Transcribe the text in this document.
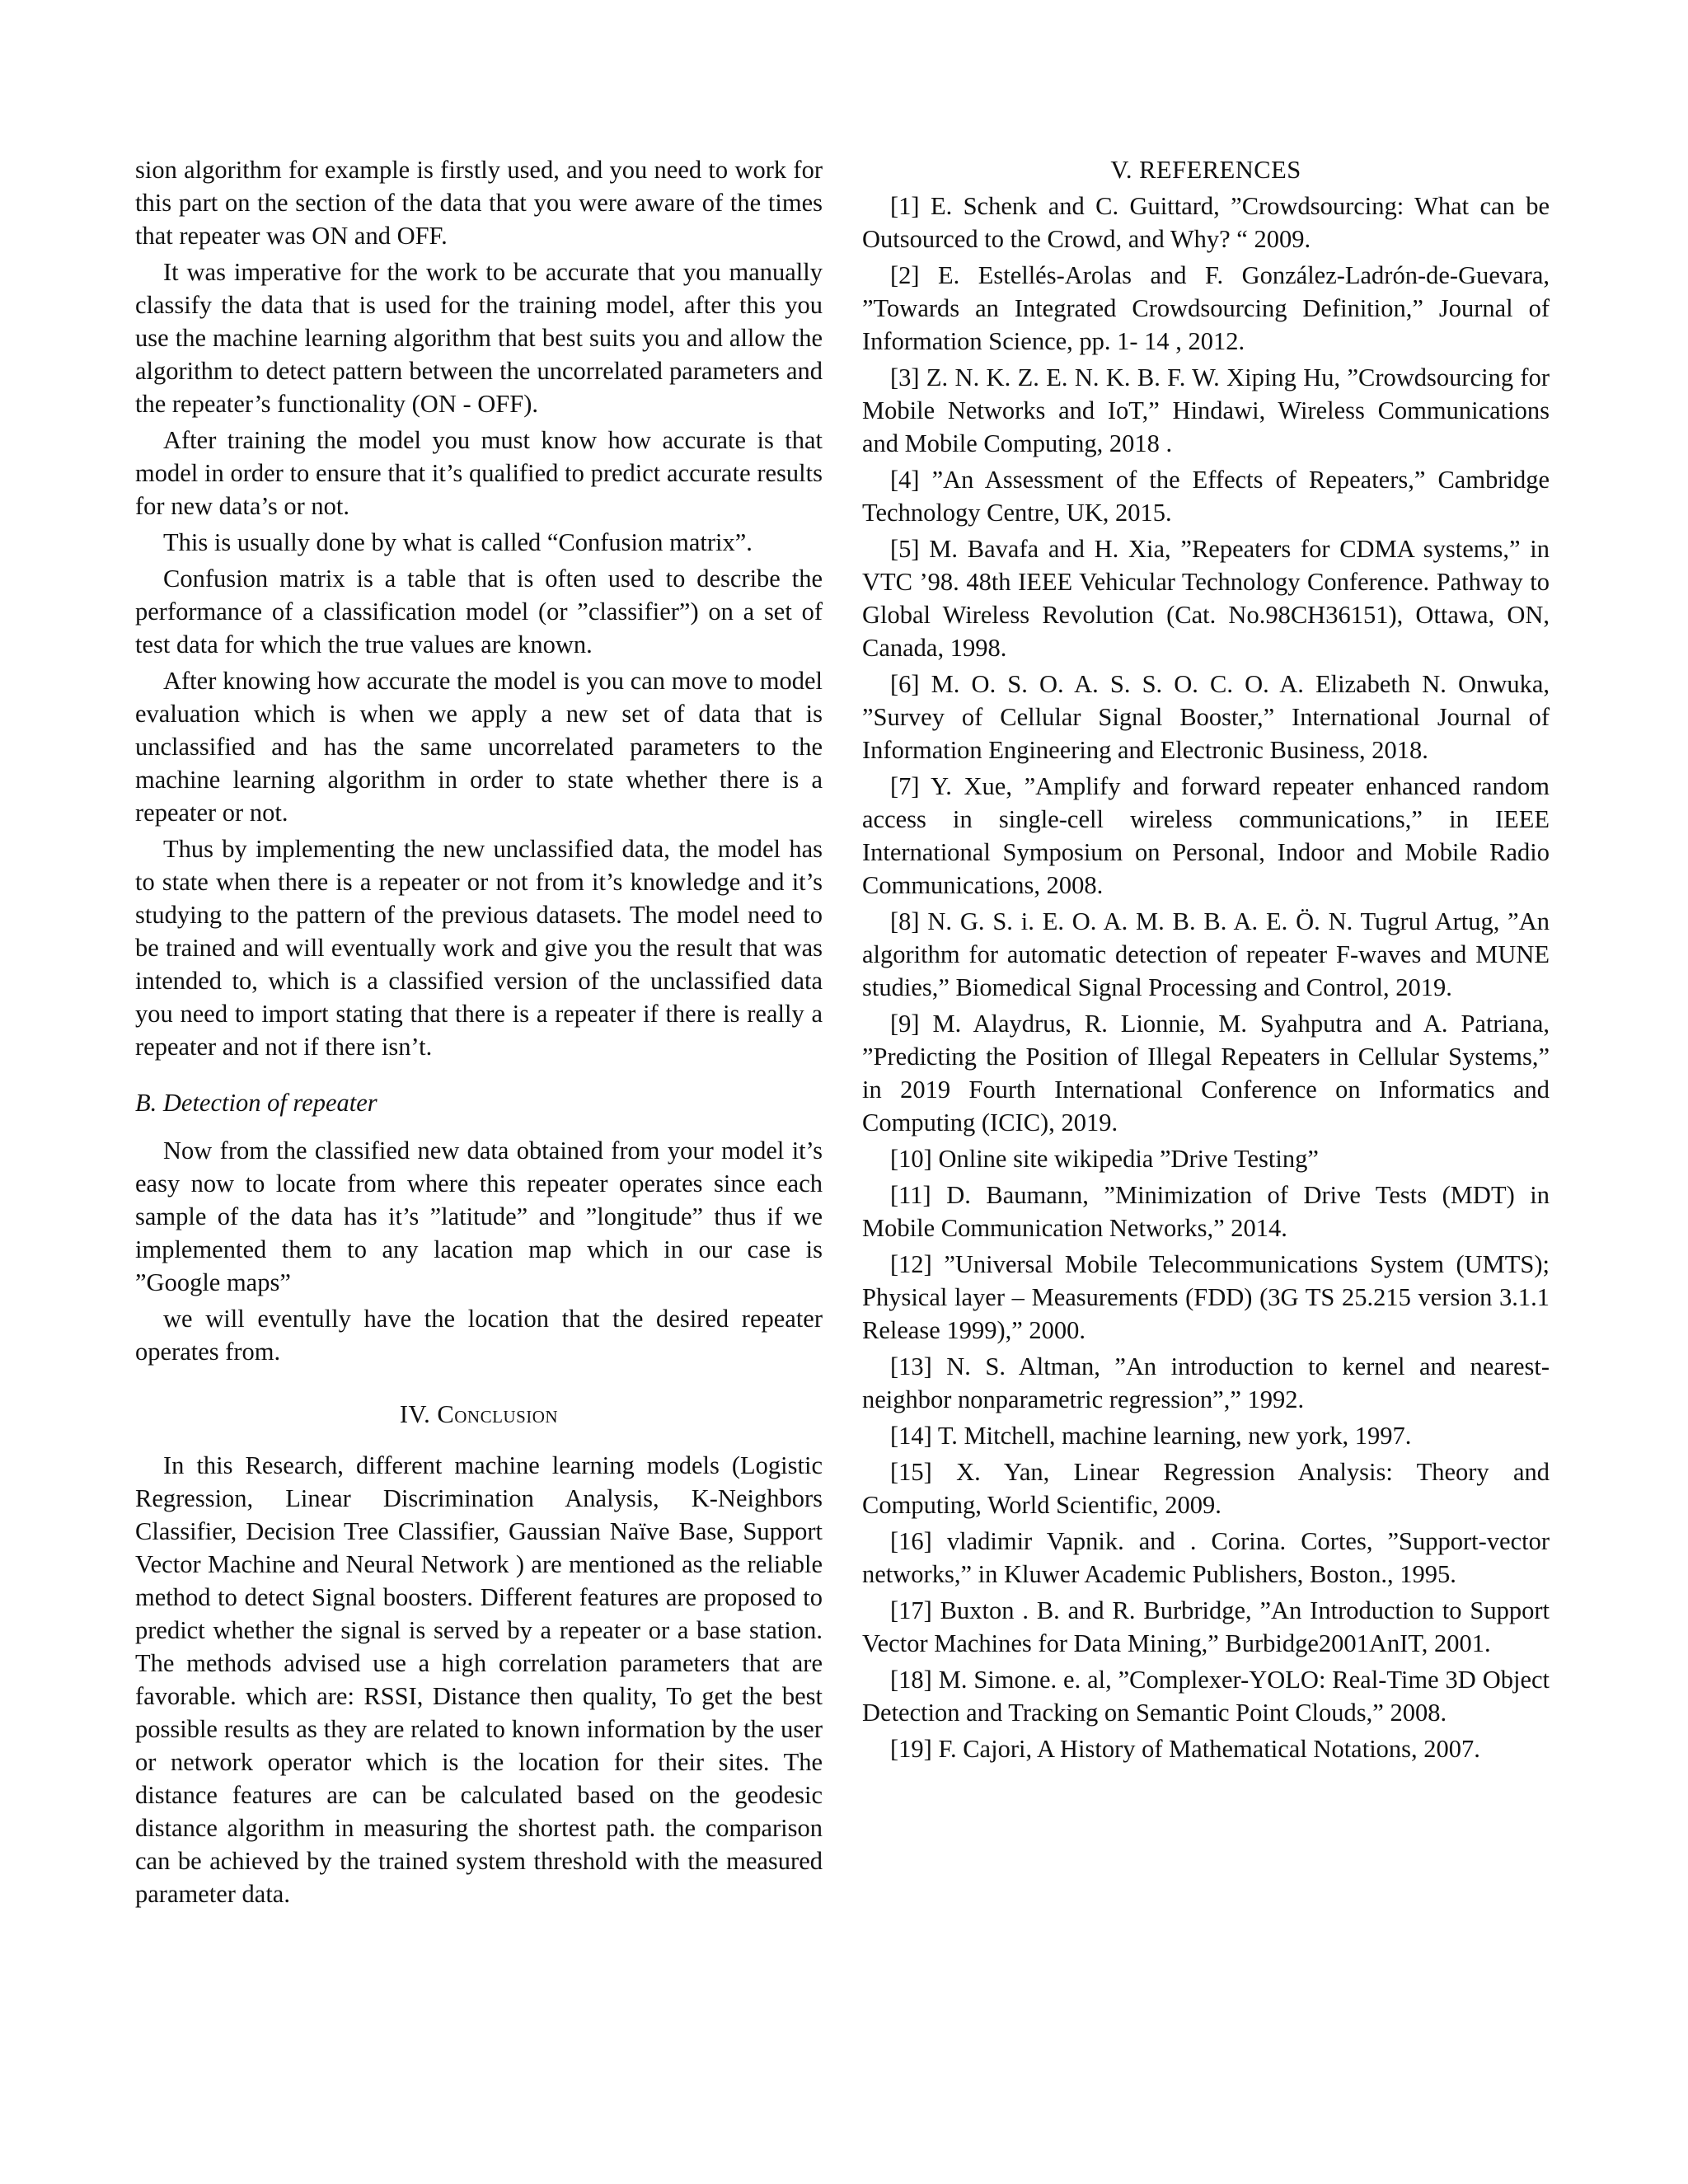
sion algorithm for example is firstly used, and you need to work for this part on the section of the data that you were aware of the times that repeater was ON and OFF.

It was imperative for the work to be accurate that you manually classify the data that is used for the training model, after this you use the machine learning algorithm that best suits you and allow the algorithm to detect pattern between the uncorrelated parameters and the repeater’s functionality (ON - OFF).

After training the model you must know how accurate is that model in order to ensure that it’s qualified to predict accurate results for new data’s or not.

This is usually done by what is called “Confusion matrix”.

Confusion matrix is a table that is often used to describe the performance of a classification model (or ”classifier”) on a set of test data for which the true values are known.

After knowing how accurate the model is you can move to model evaluation which is when we apply a new set of data that is unclassified and has the same uncorrelated parameters to the machine learning algorithm in order to state whether there is a repeater or not.

Thus by implementing the new unclassified data, the model has to state when there is a repeater or not from it’s knowledge and it’s studying to the pattern of the previous datasets. The model need to be trained and will eventually work and give you the result that was intended to, which is a classified version of the unclassified data you need to import stating that there is a repeater if there is really a repeater and not if there isn’t.

B. Detection of repeater

Now from the classified new data obtained from your model it’s easy now to locate from where this repeater operates since each sample of the data has it’s ”latitude” and ”longitude” thus if we implemented them to any lacation map which in our case is ”Google maps”

we will eventully have the location that the desired repeater operates from.

IV. Conclusion

In this Research, different machine learning models (Logistic Regression, Linear Discrimination Analysis, K-Neighbors Classifier, Decision Tree Classifier, Gaussian Naïve Base, Support Vector Machine and Neural Network ) are mentioned as the reliable method to detect Signal boosters. Different features are proposed to predict whether the signal is served by a repeater or a base station. The methods advised use a high correlation parameters that are favorable. which are: RSSI, Distance then quality, To get the best possible results as they are related to known information by the user or network operator which is the location for their sites. The distance features are can be calculated based on the geodesic distance algorithm in measuring the shortest path. the comparison can be achieved by the trained system threshold with the measured parameter data.

V. REFERENCES

[1] E. Schenk and C. Guittard, ”Crowdsourcing: What can be Outsourced to the Crowd, and Why? “ 2009.

[2] E. Estellés-Arolas and F. González-Ladrón-de-Guevara, ”Towards an Integrated Crowdsourcing Definition,” Journal of Information Science, pp. 1- 14 , 2012.

[3] Z. N. K. Z. E. N. K. B. F. W. Xiping Hu, ”Crowdsourcing for Mobile Networks and IoT,” Hindawi, Wireless Communications and Mobile Computing, 2018 .

[4] ”An Assessment of the Effects of Repeaters,” Cambridge Technology Centre, UK, 2015.

[5] M. Bavafa and H. Xia, ”Repeaters for CDMA systems,” in VTC ’98. 48th IEEE Vehicular Technology Conference. Pathway to Global Wireless Revolution (Cat. No.98CH36151), Ottawa, ON, Canada, 1998.

[6] M. O. S. O. A. S. S. O. C. O. A. Elizabeth N. Onwuka, ”Survey of Cellular Signal Booster,” International Journal of Information Engineering and Electronic Business, 2018.

[7] Y. Xue, ”Amplify and forward repeater enhanced random access in single-cell wireless communications,” in IEEE International Symposium on Personal, Indoor and Mobile Radio Communications, 2008.

[8] N. G. S. i. E. O. A. M. B. B. A. E. Ö. N. Tugrul Artug, ”An algorithm for automatic detection of repeater F-waves and MUNE studies,” Biomedical Signal Processing and Control, 2019.

[9] M. Alaydrus, R. Lionnie, M. Syahputra and A. Patriana, ”Predicting the Position of Illegal Repeaters in Cellular Systems,” in 2019 Fourth International Conference on Informatics and Computing (ICIC), 2019.

[10] Online site wikipedia ”Drive Testing”

[11] D. Baumann, ”Minimization of Drive Tests (MDT) in Mobile Communication Networks,” 2014.

[12] ”Universal Mobile Telecommunications System (UMTS); Physical layer – Measurements (FDD) (3G TS 25.215 version 3.1.1 Release 1999),” 2000.

[13] N. S. Altman, ”An introduction to kernel and nearest-neighbor nonparametric regression”,” 1992.

[14] T. Mitchell, machine learning, new york, 1997.

[15] X. Yan, Linear Regression Analysis: Theory and Computing, World Scientific, 2009.

[16] vladimir Vapnik. and . Corina. Cortes, ”Support-vector networks,” in Kluwer Academic Publishers, Boston., 1995.

[17] Buxton . B. and R. Burbridge, ”An Introduction to Support Vector Machines for Data Mining,” Burbidge2001AnIT, 2001.

[18] M. Simone. e. al, ”Complexer-YOLO: Real-Time 3D Object Detection and Tracking on Semantic Point Clouds,” 2008.

[19] F. Cajori, A History of Mathematical Notations, 2007.
